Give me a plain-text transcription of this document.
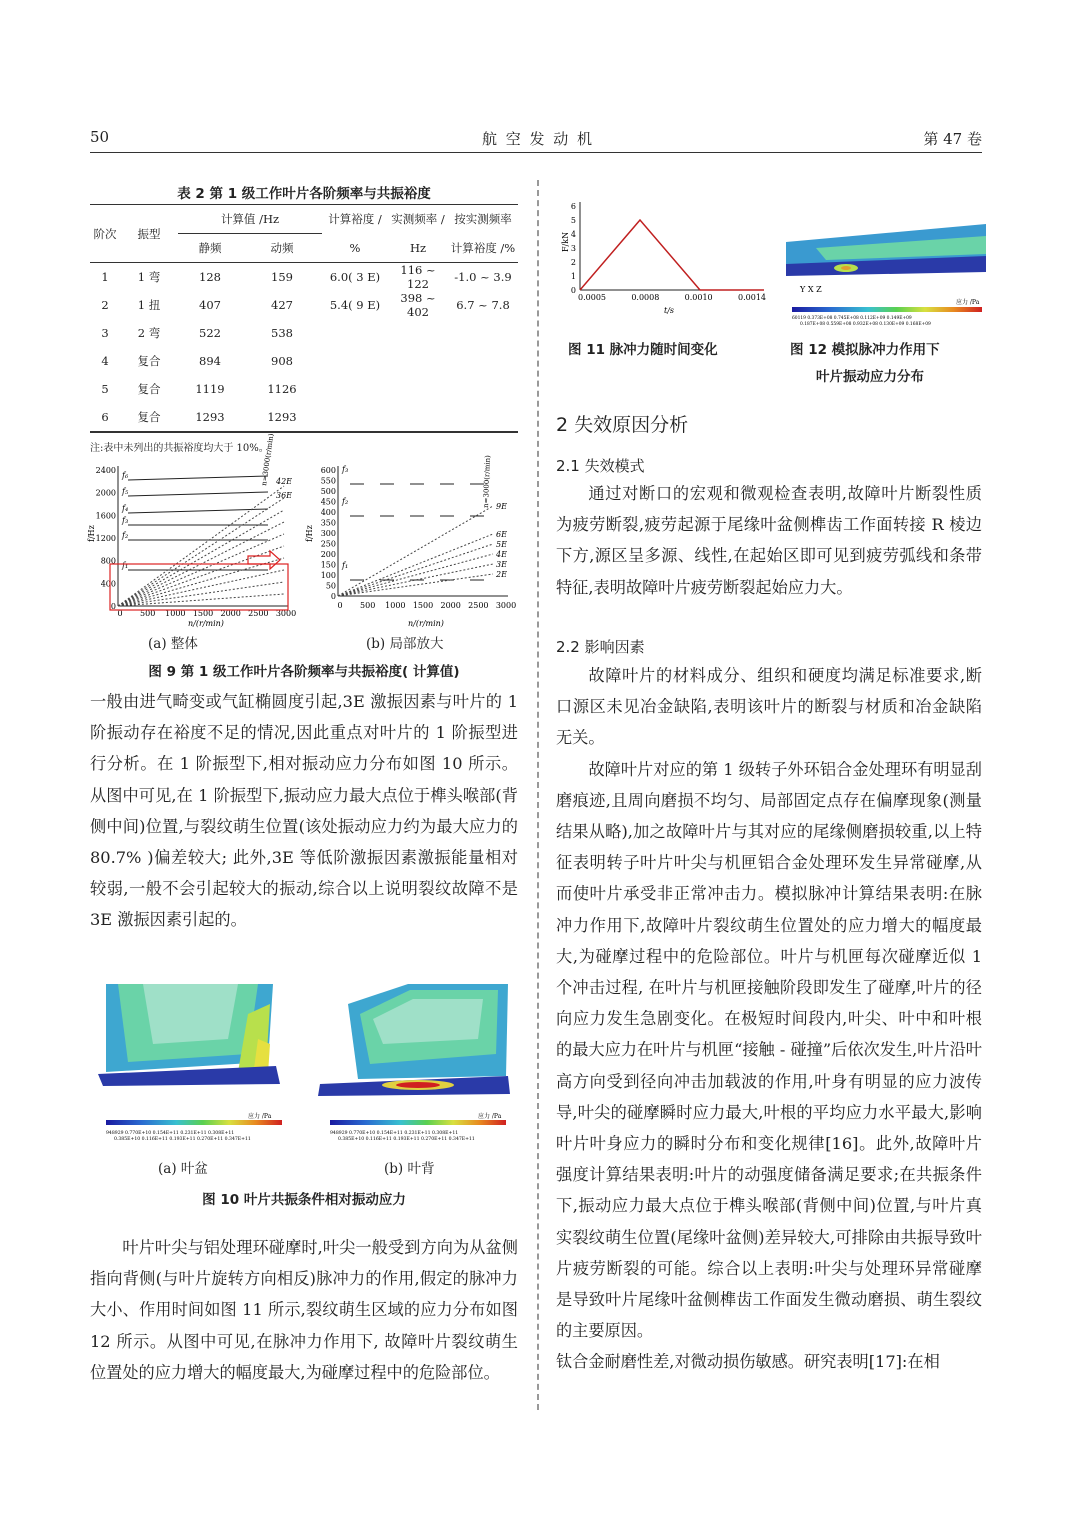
50	航 空 发 动 机	第 47 卷
表 2 第 1 级工作叶片各阶频率与共振裕度
阶次	振型	计算值 /Hz		计算裕度 /	实测频率 /	按实测频率
		静频	动频	%	Hz	计算裕度 /%
1	1 弯	128	159	6.0( 3 E)	116 ~ 122	-1.0 ~ 3.9
2	1 扭	407	427	5.4( 9 E)	398 ~ 402	6.7 ~ 7.8
3	2 弯	522	538			
4	复合	894	908			
5	复合	1119	1126			
6	复合	1293	1293			
注:表中未列出的共振裕度均大于 10%。
2400
2000
1600
1200
800
400
0
0 500 1000 1500 2000 2500 3000
f₆
f₅
f₄
f₃
f₂
f₁
42E
36E
f/Hz
n/(r/min)
n=3000(r/min)	600
550
500
450
400
350
300
250
200
150
100
50
0
0 500 1000 1500 2000 2500 3000
f₃
f₂
f₁
9E
6E
5E
4E
3E
2E
f/Hz
n/(r/min)
n=3000(r/min)
(a) 整体	(b) 局部放大
图 9 第 1 级工作叶片各阶频率与共振裕度( 计算值)

一般由进气畸变或气缸椭圆度引起,3E 激振因素与叶片的 1 阶振动存在裕度不足的情况,因此重点对叶片的 1 阶振型进行分析。在 1 阶振型下,相对振动应力分布如图 10 所示。从图中可见,在 1 阶振型下,振动应力最大点位于榫头喉部(背侧中间)位置,与裂纹萌生位置(该处振动应力约为最大应力的 80.7% )偏差较大; 此外,3E 等低阶激振因素激振能量相对较弱,一般不会引起较大的振动,综合以上说明裂纹故障不是 3E 激振因素引起的。

应力 /Pa	应力 /Pa
948929 0.770E+10 0.154E+11 0.231E+11 0.308E+11
0.385E+10 0.116E+11 0.193E+11 0.270E+11 0.347E+11
948929 0.770E+10 0.154E+11 0.231E+11 0.308E+11
0.385E+10 0.116E+11 0.193E+11 0.270E+11 0.347E+11
(a) 叶盆	(b) 叶背
图 10 叶片共振条件相对振动应力

叶片叶尖与铝处理环碰摩时,叶尖一般受到方向为从盆侧指向背侧(与叶片旋转方向相反)脉冲力的作用,假定的脉冲力大小、作用时间如图 11 所示,裂纹萌生区域的应力分布如图 12 所示。从图中可见,在脉冲力作用下, 故障叶片裂纹萌生位置处的应力增大的幅度最大,为碰摩过程中的危险部位。

6
5
4
3
2
1
0
0.0005	0.0008	0.0010	0.0014
F/kN
t/s
Y X Z
应力 /Pa
60119 0.373E+08 0.745E+08 0.112E+09 0.149E+09
0.187E+08 0.559E+08 0.932E+08 0.130E+09 0.168E+09
图 11 脉冲力随时间变化	图 12 模拟脉冲力作用下
叶片振动应力分布
2 失效原因分析
2.1 失效模式

通过对断口的宏观和微观检查表明,故障叶片断裂性质为疲劳断裂,疲劳起源于尾缘叶盆侧榫齿工作面转接 R 棱边下方,源区呈多源、线性,在起始区即可见到疲劳弧线和条带特征,表明故障叶片疲劳断裂起始应力大。

2.2 影响因素

故障叶片的材料成分、组织和硬度均满足标准要求,断口源区未见冶金缺陷,表明该叶片的断裂与材质和冶金缺陷无关。

故障叶片对应的第 1 级转子外环铝合金处理环有明显刮磨痕迹,且周向磨损不均匀、局部固定点存在偏摩现象(测量结果从略),加之故障叶片与其对应的尾缘侧磨损较重,以上特征表明转子叶片叶尖与机匣铝合金处理环发生异常碰摩,从而使叶片承受非正常冲击力。模拟脉冲计算结果表明:在脉冲力作用下,故障叶片裂纹萌生位置处的应力增大的幅度最大,为碰摩过程中的危险部位。叶片与机匣每次碰摩近似 1 个冲击过程, 在叶片与机匣接触阶段即发生了碰摩,叶片的径向应力发生急剧变化。在极短时间段内,叶尖、叶中和叶根的最大应力在叶片与机匣“接触 - 碰撞”后依次发生,叶片沿叶高方向受到径向冲击加载波的作用,叶身有明显的应力波传导,叶尖的碰摩瞬时应力最大,叶根的平均应力水平最大,影响叶片叶身应力的瞬时分布和变化规律[16]。此外,故障叶片强度计算结果表明:叶片的动强度储备满足要求;在共振条件下,振动应力最大点位于榫头喉部(背侧中间)位置,与叶片真实裂纹萌生位置(尾缘叶盆侧)差异较大,可排除由共振导致叶片疲劳断裂的可能。综合以上表明:叶尖与处理环异常碰摩是导致叶片尾缘叶盆侧榫齿工作面发生微动磨损、萌生裂纹的主要原因。

钛合金耐磨性差,对微动损伤敏感。研究表明[17]:在相
